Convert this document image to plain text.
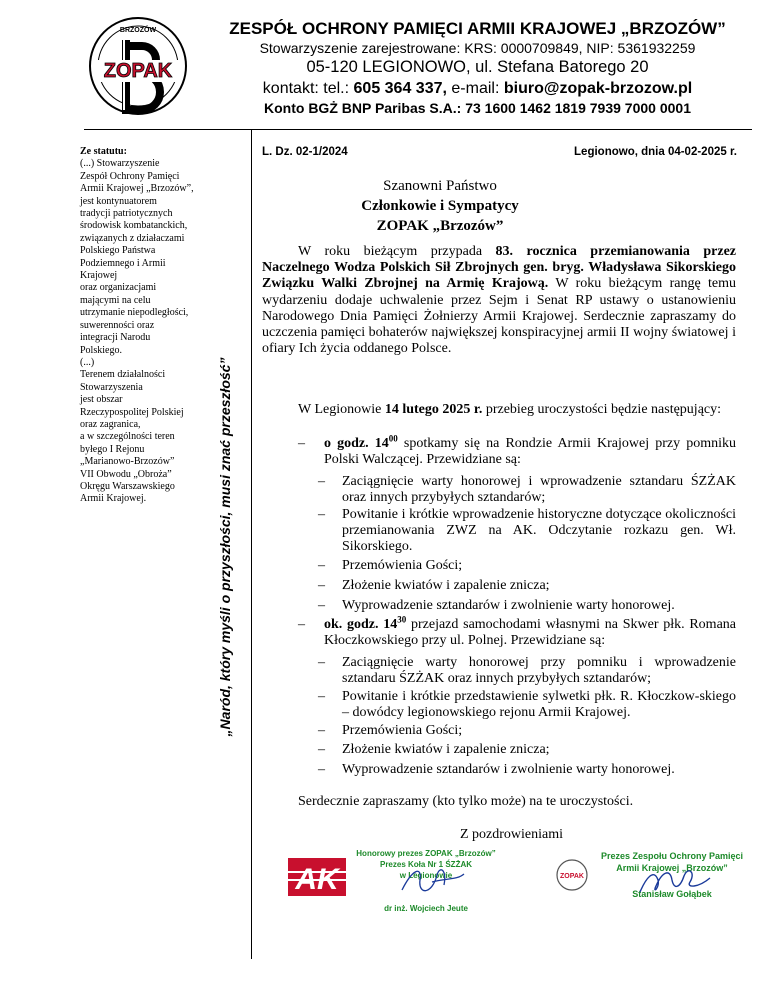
BRZOZÓW
ZOPAK
ZESPÓŁ OCHRONY PAMIĘCI ARMII KRAJOWEJ „BRZOZÓW”
Stowarzyszenie zarejestrowane: KRS: 0000709849, NIP: 5361932259
05-120 LEGIONOWO, ul. Stefana Batorego 20
kontakt: tel.: 605 364 337, e-mail: biuro@zopak-brzozow.pl
Konto BGŻ BNP Paribas S.A.: 73 1600 1462 1819 7939 7000 0001
Ze statutu:
(...) Stowarzyszenie
Zespół Ochrony Pamięci
Armii Krajowej „Brzozów”,
jest kontynuatorem
tradycji patriotycznych
środowisk kombatanckich,
związanych z działaczami
Polskiego Państwa
Podziemnego i Armii
Krajowej
oraz organizacjami
mającymi na celu
utrzymanie niepodległości,
suwerenności oraz
integracji Narodu
Polskiego.
(...)
Terenem działalności
Stowarzyszenia
jest obszar
Rzeczypospolitej Polskiej
oraz zagranica,
a w szczególności teren
byłego I Rejonu
„Marianowo-Brzozów”
VII Obwodu „Obroża”
Okręgu Warszawskiego
Armii Krajowej.	„Naród, który myśli o przyszłości, musi znać przeszłość”
L. Dz. 02-1/2024	Legionowo, dnia 04-02-2025 r.
Szanowni Państwo
Członkowie i Sympatycy
ZOPAK „Brzozów”
W roku bieżącym przypada 83. rocznica przemianowania przez Naczelnego Wodza Polskich Sił Zbrojnych gen. bryg. Władysława Sikorskiego Związku Walki Zbrojnej na Armię Krajową. W roku bieżącym rangę temu wydarzeniu dodaje uchwalenie przez Sejm i Senat RP ustawy o ustanowieniu Narodowego Dnia Pamięci Żołnierzy Armii Krajowej. Serdecznie zapraszamy do uczczenia pamięci bohaterów największej konspiracyjnej armii II wojny światowej i ofiary Ich życia oddanego Polsce.
W Legionowie 14 lutego 2025 r. przebieg uroczystości będzie następujący:
– o godz. $14^{00}$ spotkamy się na Rondzie Armii Krajowej przy pomniku Polski Walczącej. Przewidziane są:
– Zaciągnięcie warty honorowej i wprowadzenie sztandaru ŚZŻAK oraz innych przybyłych sztandarów;
– Powitanie i krótkie wprowadzenie historyczne dotyczące okoliczności przemianowania ZWZ na AK. Odczytanie rozkazu gen. Wł. Sikorskiego.
– Przemówienia Gości;
– Złożenie kwiatów i zapalenie znicza;
– Wyprowadzenie sztandarów i zwolnienie warty honorowej.
– ok. godz. $14^{30}$ przejazd samochodami własnymi na Skwer płk. Romana Kłoczkowskiego przy ul. Polnej. Przewidziane są:
– Zaciągnięcie warty honorowej przy pomniku i wprowadzenie sztandaru ŚZŻAK oraz innych przybyłych sztandarów;
– Powitanie i krótkie przedstawienie sylwetki płk. R. Kłoczkow-skiego – dowódcy legionowskiego rejonu Armii Krajowej.
– Przemówienia Gości;
– Złożenie kwiatów i zapalenie znicza;
– Wyprowadzenie sztandarów i zwolnienie warty honorowej.
Serdecznie zapraszamy (kto tylko może) na te uroczystości.
Z pozdrowieniami
AK
Honorowy prezes ZOPAK „Brzozów”
Prezes Koła Nr 1 ŚZŻAK
w Legionowie
dr inż. Wojciech Jeute
ZOPAK
Prezes Zespołu Ochrony Pamięci
Armii Krajowej „Brzozów”
Stanisław Gołąbek
